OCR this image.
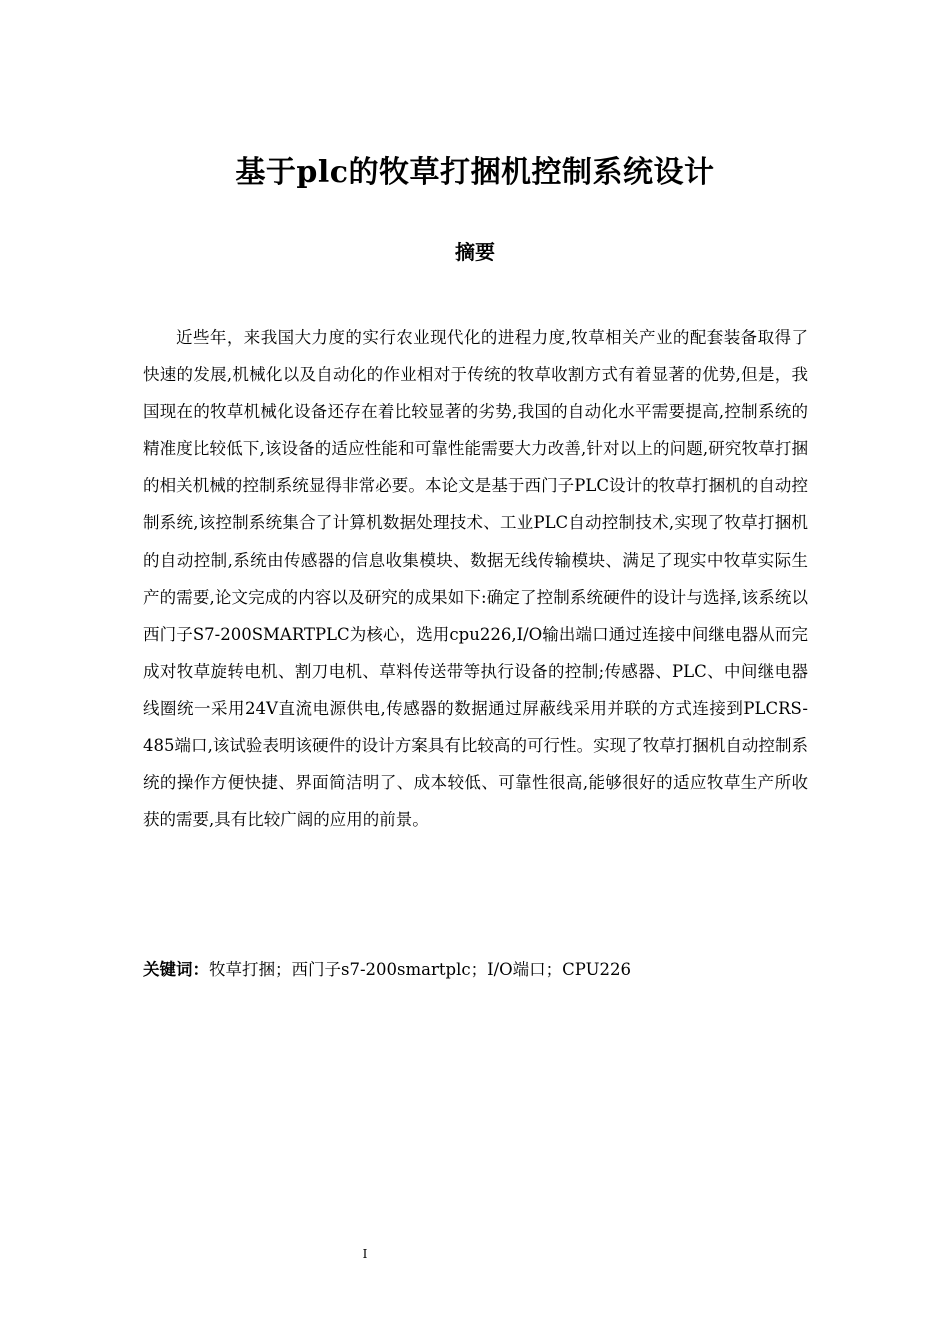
基于plc的牧草打捆机控制系统设计
摘要

近些年，来我国大力度的实行农业现代化的进程力度,牧草相关产业的配套装备取得了快速的发展,机械化以及自动化的作业相对于传统的牧草收割方式有着显著的优势,但是，我国现在的牧草机械化设备还存在着比较显著的劣势,我国的自动化水平需要提高,控制系统的精准度比较低下,该设备的适应性能和可靠性能需要大力改善,针对以上的问题,研究牧草打捆的相关机械的控制系统显得非常必要。本论文是基于西门子PLC设计的牧草打捆机的自动控制系统,该控制系统集合了计算机数据处理技术、工业PLC自动控制技术,实现了牧草打捆机的自动控制,系统由传感器的信息收集模块、数据无线传输模块、满足了现实中牧草实际生产的需要,论文完成的内容以及研究的成果如下:确定了控制系统硬件的设计与选择,该系统以西门子S7-200SMARTPLC为核心，选用cpu226,I/O输出端口通过连接中间继电器从而完成对牧草旋转电机、割刀电机、草料传送带等执行设备的控制;传感器、PLC、中间继电器线圈统一采用24V直流电源供电,传感器的数据通过屏蔽线采用并联的方式连接到PLCRS-485端口,该试验表明该硬件的设计方案具有比较高的可行性。实现了牧草打捆机自动控制系统的操作方便快捷、界面简洁明了、成本较低、可靠性很高,能够很好的适应牧草生产所收获的需要,具有比较广阔的应用的前景。

关键词：牧草打捆；西门子s7-200smartplc；I/O端口；CPU226
I
